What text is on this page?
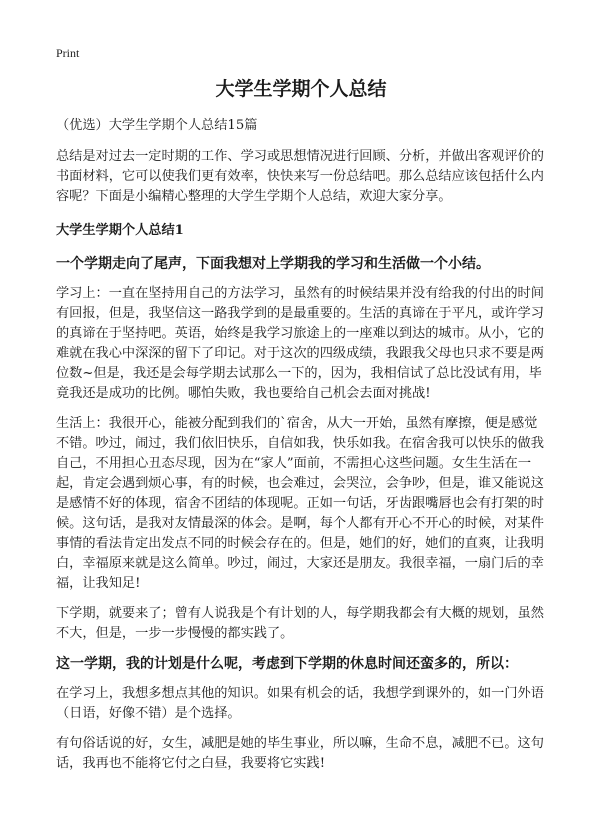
Print
大学生学期个人总结

（优选）大学生学期个人总结15篇

总结是对过去一定时期的工作、学习或思想情况进行回顾、分析，并做出客观评价的书面材料，它可以使我们更有效率，快快来写一份总结吧。那么总结应该包括什么内容呢？下面是小编精心整理的大学生学期个人总结，欢迎大家分享。

大学生学期个人总结1

一个学期走向了尾声，下面我想对上学期我的学习和生活做一个小结。

学习上：一直在坚持用自己的方法学习，虽然有的时候结果并没有给我的付出的时间有回报，但是，我坚信这一路我学到的是最重要的。生活的真谛在于平凡，或许学习的真谛在于坚持吧。英语，始终是我学习旅途上的一座难以到达的城市。从小，它的难就在我心中深深的留下了印记。对于这次的四级成绩，我跟我父母也只求不要是两位数~但是，我还是会每学期去试那么一下的，因为，我相信试了总比没试有用，毕竟我还是成功的比例。哪怕失败，我也要给自己机会去面对挑战!

生活上：我很开心，能被分配到我们的`宿舍，从大一开始，虽然有摩擦，便是感觉不错。吵过，闹过，我们依旧快乐，自信如我，快乐如我。在宿舍我可以快乐的做我自己，不用担心丑态尽现，因为在“家人”面前，不需担心这些问题。女生生活在一起，肯定会遇到烦心事，有的时候，也会难过，会哭泣，会争吵，但是，谁又能说这是感情不好的体现，宿舍不团结的体现呢。正如一句话，牙齿跟嘴唇也会有打架的时候。这句话，是我对友情最深的体会。是啊，每个人都有开心不开心的时候，对某件事情的看法肯定出发点不同的时候会存在的。但是，她们的好，她们的直爽，让我明白，幸福原来就是这么简单。吵过，闹过，大家还是朋友。我很幸福，一扇门后的幸福，让我知足!

下学期，就要来了；曾有人说我是个有计划的人，每学期我都会有大概的规划，虽然不大，但是，一步一步慢慢的都实践了。

这一学期，我的计划是什么呢，考虑到下学期的休息时间还蛮多的，所以：

在学习上，我想多想点其他的知识。如果有机会的话，我想学到课外的，如一门外语（日语，好像不错）是个选择。

有句俗话说的好，女生，减肥是她的毕生事业，所以嘛，生命不息，减肥不已。这句话，我再也不能将它付之白昼，我要将它实践!
